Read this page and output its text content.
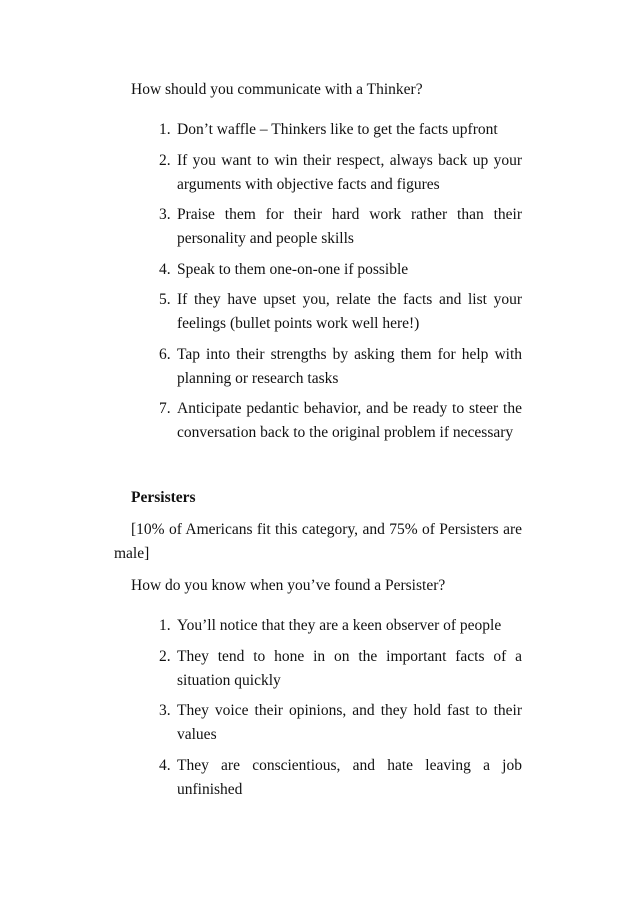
How should you communicate with a Thinker?

1. Don’t waffle – Thinkers like to get the facts upfront
2. If you want to win their respect, always back up your arguments with objective facts and figures
3. Praise them for their hard work rather than their personality and people skills
4. Speak to them one-on-one if possible
5. If they have upset you, relate the facts and list your feelings (bullet points work well here!)
6. Tap into their strengths by asking them for help with planning or research tasks
7. Anticipate pedantic behavior, and be ready to steer the conversation back to the original problem if necessary

Persisters

[10% of Americans fit this category, and 75% of Persisters are male]

How do you know when you’ve found a Persister?

1. You’ll notice that they are a keen observer of people
2. They tend to hone in on the important facts of a situation quickly
3. They voice their opinions, and they hold fast to their values
4. They are conscientious, and hate leaving a job unfinished
